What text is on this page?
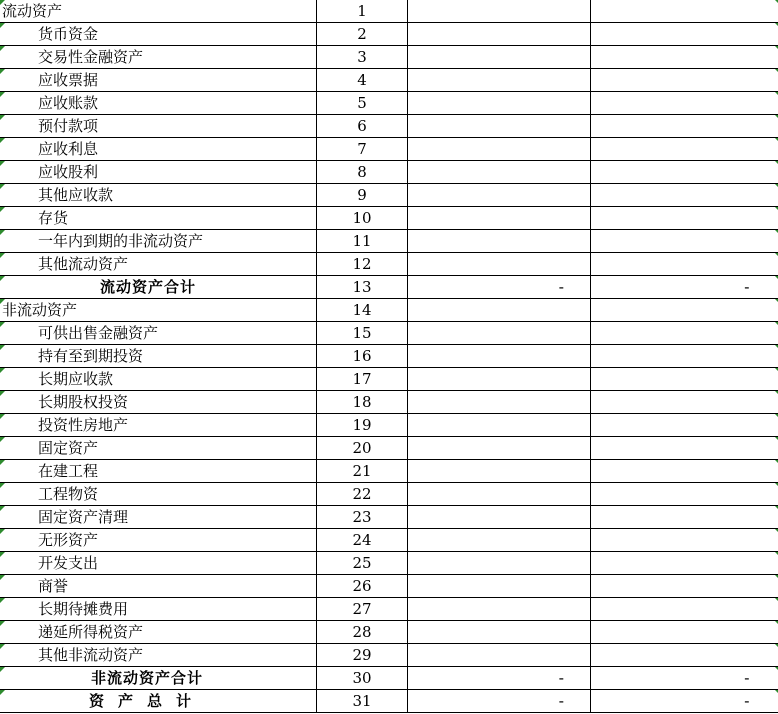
流动资产	1		

货币资金	2		

交易性金融资产	3		

应收票据	4		

应收账款	5		

预付款项	6		

应收利息	7		

应收股利	8		

其他应收款	9		

存货	10		

一年内到期的非流动资产	11		

其他流动资产	12		

流动资产合计	13	-	-

非流动资产	14		

可供出售金融资产	15		

持有至到期投资	16		

长期应收款	17		

长期股权投资	18		

投资性房地产	19		

固定资产	20		

在建工程	21		

工程物资	22		

固定资产清理	23		

无形资产	24		

开发支出	25		

商誉	26		

长期待摊费用	27		

递延所得税资产	28		

其他非流动资产	29		

非流动资产合计	30	-	-

资产总计	31	-	-
